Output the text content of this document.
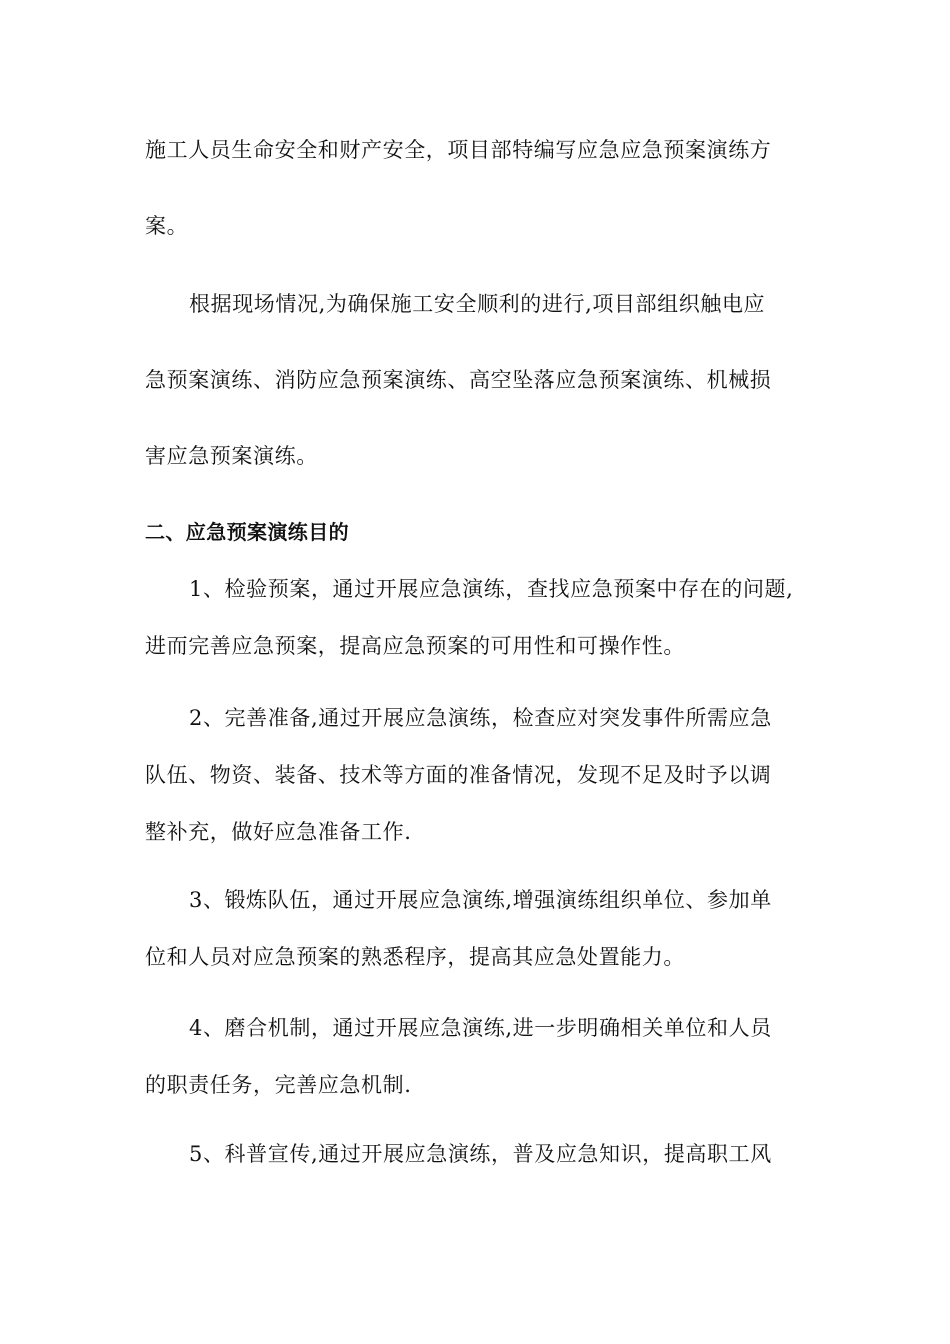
施工人员生命安全和财产安全，项目部特编写应急应急预案演练方
案。
根据现场情况,为确保施工安全顺利的进行,项目部组织触电应
急预案演练、消防应急预案演练、高空坠落应急预案演练、机械损
害应急预案演练。
二、应急预案演练目的
1、检验预案，通过开展应急演练，查找应急预案中存在的问题,
进而完善应急预案，提高应急预案的可用性和可操作性。
2、完善准备,通过开展应急演练，检查应对突发事件所需应急
队伍、物资、装备、技术等方面的准备情况，发现不足及时予以调
整补充，做好应急准备工作.
3、锻炼队伍，通过开展应急演练,增强演练组织单位、参加单
位和人员对应急预案的熟悉程序，提高其应急处置能力。
4、磨合机制，通过开展应急演练,进一步明确相关单位和人员
的职责任务，完善应急机制.
5、科普宣传,通过开展应急演练，普及应急知识，提高职工风
